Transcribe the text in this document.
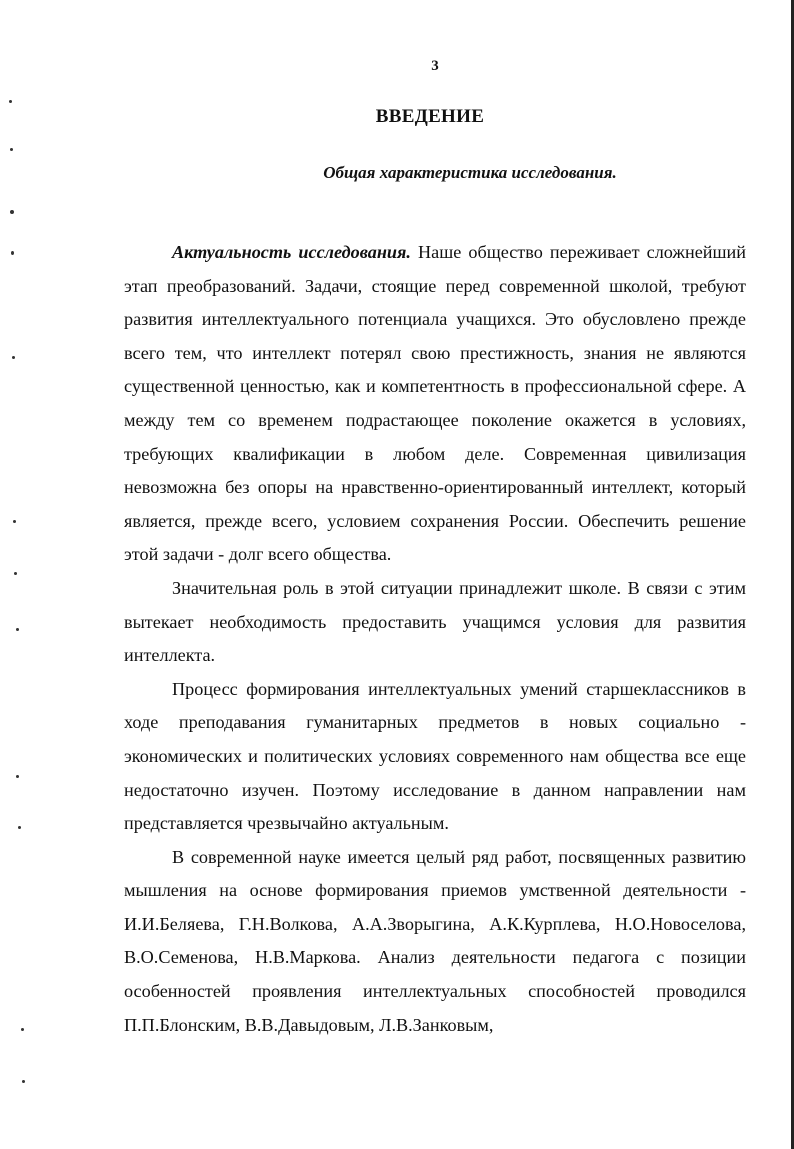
3
ВВЕДЕНИЕ
Общая характеристика исследования.

Актуальность исследования. Наше общество переживает сложнейший этап преобразований. Задачи, стоящие перед современной школой, требуют развития интеллектуального потенциала учащихся. Это обусловлено прежде всего тем, что интеллект потерял свою престижность, знания не являются существенной ценностью, как и компетентность в профессиональной сфере. А между тем со временем подрастающее поколение окажется в условиях, требующих квалификации в любом деле. Современная цивилизация невозможна без опоры на нравственно-ориентированный интеллект, который является, прежде всего, условием сохранения России. Обеспечить решение этой задачи - долг всего общества.

Значительная роль в этой ситуации принадлежит школе. В связи с этим вытекает необходимость предоставить учащимся условия для развития интеллекта.

Процесс формирования интеллектуальных умений старшеклассников в ходе преподавания гуманитарных предметов в новых социально - экономических и политических условиях современного нам общества все еще недостаточно изучен. Поэтому исследование в данном направлении нам представляется чрезвычайно актуальным.

В современной науке имеется целый ряд работ, посвященных развитию мышления на основе формирования приемов умственной деятельности - И.И.Беляева, Г.Н.Волкова, А.А.Зворыгина, А.К.Курплева, Н.О.Новоселова, В.О.Семенова, Н.В.Маркова. Анализ деятельности педагога с позиции особенностей проявления интеллектуальных способностей проводился П.П.Блонским, В.В.Давыдовым, Л.В.Занковым,
